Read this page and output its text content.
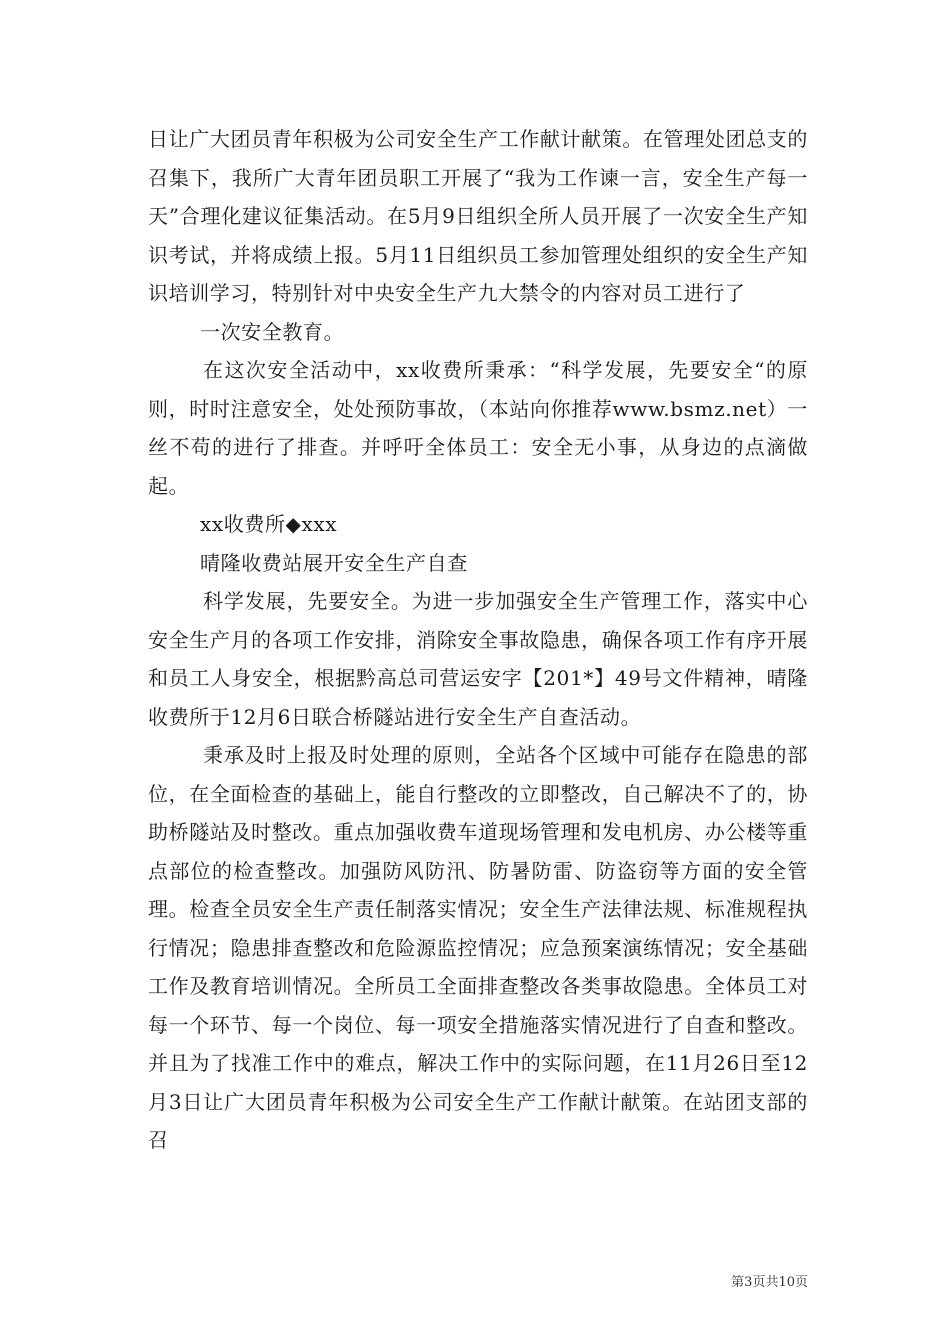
日让广大团员青年积极为公司安全生产工作献计献策。在管理处团总支的召集下，我所广大青年团员职工开展了“我为工作谏一言，安全生产每一天”合理化建议征集活动。在5月9日组织全所人员开展了一次安全生产知识考试，并将成绩上报。5月11日组织员工参加管理处组织的安全生产知识培训学习，特别针对中央安全生产九大禁令的内容对员工进行了

一次安全教育。

在这次安全活动中，xx收费所秉承：“科学发展，先要安全“的原则，时时注意安全，处处预防事故，（本站向你推荐www.bsmz.net）一丝不苟的进行了排查。并呼吁全体员工：安全无小事，从身边的点滴做起。

xx收费所◆xxx

晴隆收费站展开安全生产自查

科学发展，先要安全。为进一步加强安全生产管理工作，落实中心安全生产月的各项工作安排，消除安全事故隐患，确保各项工作有序开展和员工人身安全，根据黔高总司营运安字【201*】49号文件精神，晴隆收费所于12月6日联合桥隧站进行安全生产自查活动。

秉承及时上报及时处理的原则，全站各个区域中可能存在隐患的部位，在全面检查的基础上，能自行整改的立即整改，自己解决不了的，协助桥隧站及时整改。重点加强收费车道现场管理和发电机房、办公楼等重点部位的检查整改。加强防风防汛、防暑防雷、防盗窃等方面的安全管理。检查全员安全生产责任制落实情况；安全生产法律法规、标准规程执行情况；隐患排查整改和危险源监控情况；应急预案演练情况；安全基础工作及教育培训情况。全所员工全面排查整改各类事故隐患。全体员工对每一个环节、每一个岗位、每一项安全措施落实情况进行了自查和整改。并且为了找准工作中的难点，解决工作中的实际问题，在11月26日至12月3日让广大团员青年积极为公司安全生产工作献计献策。在站团支部的召

第3页共10页
